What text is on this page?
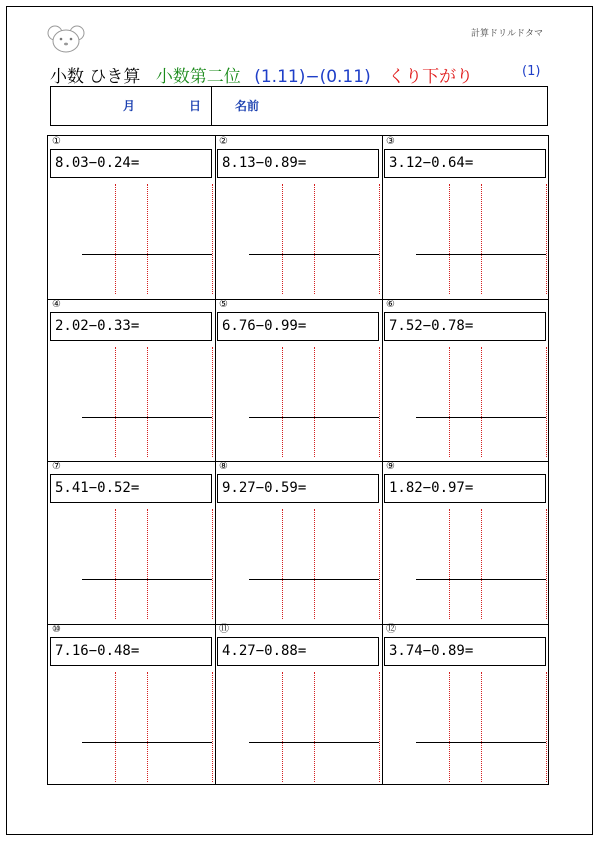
計算ドリルドタマ
小数 ひき算 小数第二位 (1.11)−(0.11) くり下がり	(1)
月	日	名前
①
8.03−0.24=
②
8.13−0.89=
③
3.12−0.64=
④
2.02−0.33=
⑤
6.76−0.99=
⑥
7.52−0.78=
⑦
5.41−0.52=
⑧
9.27−0.59=
⑨
1.82−0.97=
⑩
7.16−0.48=
⑪
4.27−0.88=
⑫
3.74−0.89=
